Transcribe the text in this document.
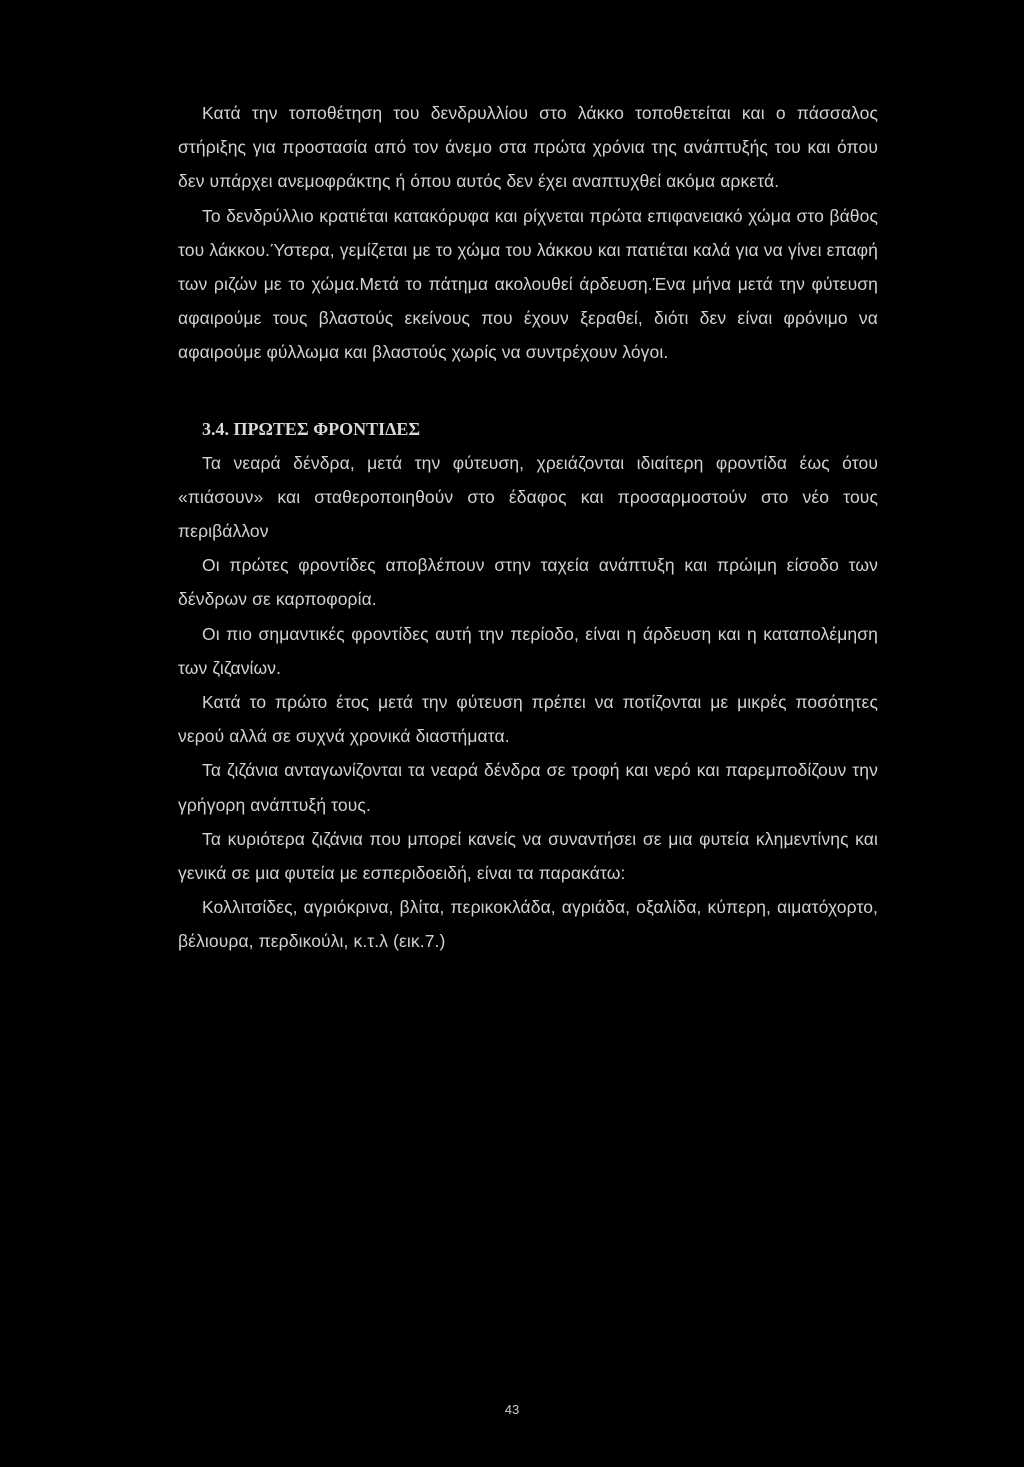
Κατά την τοποθέτηση του δενδρυλλίου στο λάκκο τοποθετείται και ο πάσσαλος στήριξης για προστασία από τον άνεμο στα πρώτα χρόνια της ανάπτυξής του και όπου δεν υπάρχει ανεμοφράκτης ή όπου αυτός δεν έχει αναπτυχθεί ακόμα αρκετά.

Το δενδρύλλιο κρατιέται κατακόρυφα και ρίχνεται πρώτα επιφανειακό χώμα στο βάθος του λάκκου.Ύστερα, γεμίζεται με το χώμα του λάκκου και πατιέται καλά για να γίνει επαφή των ριζών με το χώμα.Μετά το πάτημα ακολουθεί άρδευση.Ένα μήνα μετά την φύτευση αφαιρούμε τους βλαστούς εκείνους που έχουν ξεραθεί, διότι δεν είναι φρόνιμο να αφαιρούμε φύλλωμα και βλαστούς χωρίς να συντρέχουν λόγοι.

3.4. ΠΡΩΤΕΣ ΦΡΟΝΤΙΔΕΣ

Τα νεαρά δένδρα, μετά την φύτευση, χρειάζονται ιδιαίτερη φροντίδα έως ότου «πιάσουν» και σταθεροποιηθούν στο έδαφος και προσαρμοστούν στο νέο τους περιβάλλον

Οι πρώτες φροντίδες αποβλέπουν στην ταχεία ανάπτυξη και πρώιμη είσοδο των δένδρων σε καρποφορία.

Οι πιο σημαντικές φροντίδες αυτή την περίοδο, είναι η άρδευση και η καταπολέμηση των ζιζανίων.

Κατά το πρώτο έτος μετά την φύτευση πρέπει να ποτίζονται με μικρές ποσότητες νερού αλλά σε συχνά χρονικά διαστήματα.

Τα ζιζάνια ανταγωνίζονται τα νεαρά δένδρα σε τροφή και νερό και παρεμποδίζουν την γρήγορη ανάπτυξή τους.

Τα κυριότερα ζιζάνια που μπορεί κανείς να συναντήσει σε μια φυτεία κλημεντίνης και γενικά σε μια φυτεία με εσπεριδοειδή, είναι τα παρακάτω:

Κολλιτσίδες, αγριόκρινα, βλίτα, περικοκλάδα, αγριάδα, οξαλίδα, κύπερη, αιματόχορτο, βέλιουρα, περδικούλι, κ.τ.λ (εικ.7.)

43
